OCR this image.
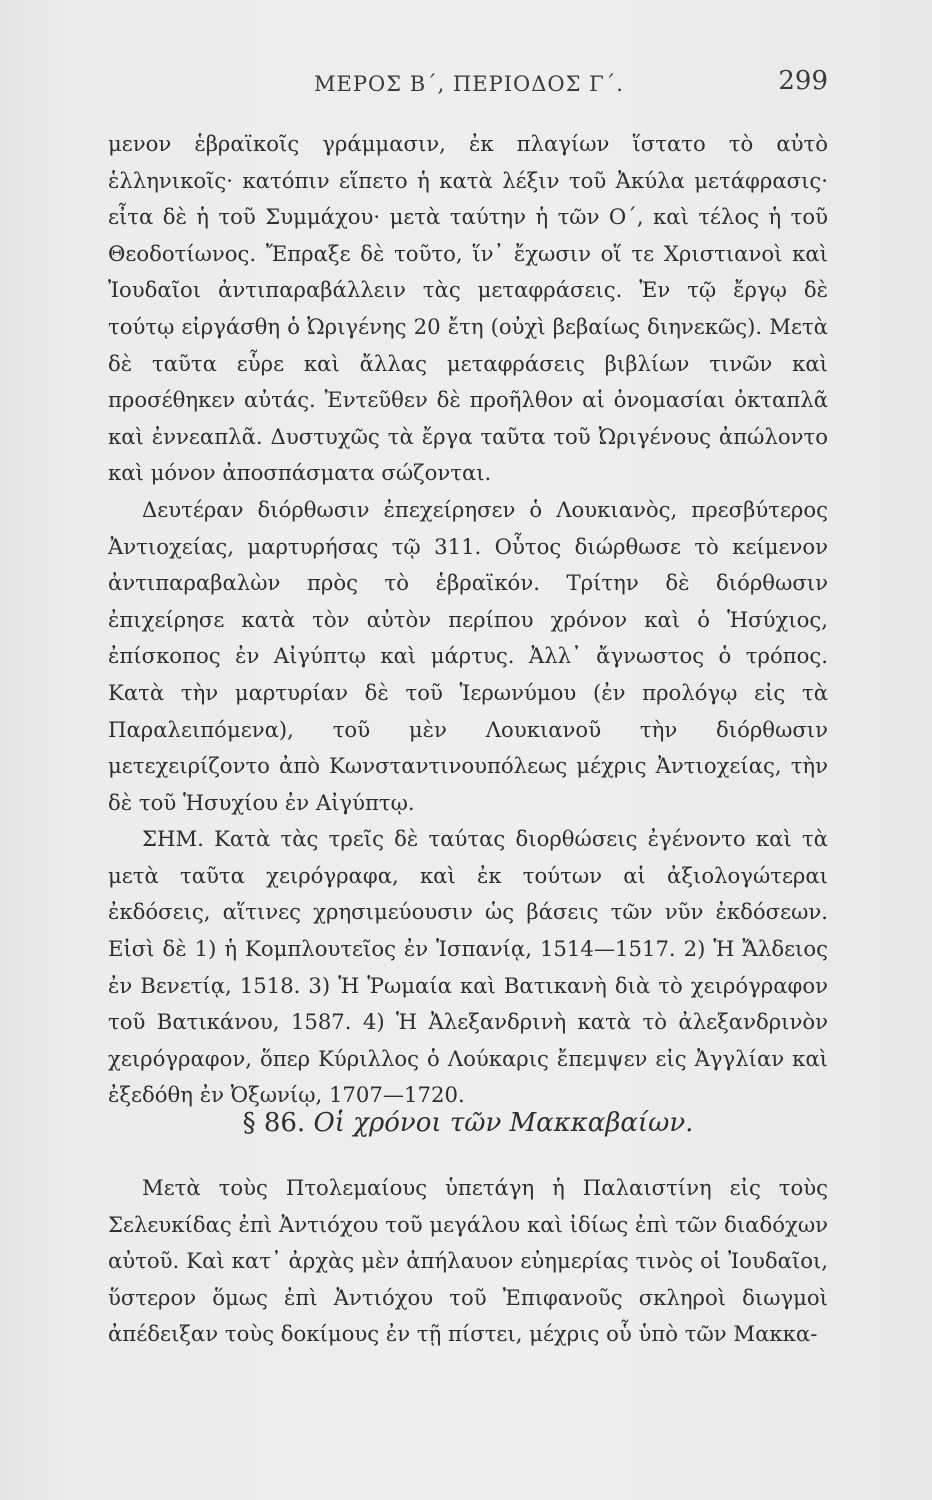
ΜΕΡΟΣ Β΄, ΠΕΡΙΟΔΟΣ Γ΄.	299

μενον ἑβραϊκοῖς γράμμασιν, ἐκ πλαγίων ἵστατο τὸ αὐτὸ ἑλληνικοῖς· κατόπιν εἵπετο ἡ κατὰ λέξιν τοῦ Ἀκύλα μετάφρασις· εἶτα δὲ ἡ τοῦ Συμμάχου· μετὰ ταύτην ἡ τῶν Ο΄, καὶ τέλος ἡ τοῦ Θεοδοτίωνος. Ἔπραξε δὲ τοῦτο, ἵν᾽ ἔχωσιν οἵ τε Χριστιανοὶ καὶ Ἰουδαῖοι ἀντιπαραβάλλειν τὰς μεταφράσεις. Ἐν τῷ ἔργῳ δὲ τούτῳ εἰργάσθη ὁ Ὠριγένης 20 ἔτη (οὐχὶ βεβαίως διηνεκῶς). Μετὰ δὲ ταῦτα εὗρε καὶ ἄλλας μεταφράσεις βιβλίων τινῶν καὶ προσέθηκεν αὐτάς. Ἐντεῦθεν δὲ προῆλθον αἱ ὀνομασίαι ὀκταπλᾶ καὶ ἐννεαπλᾶ. Δυστυχῶς τὰ ἔργα ταῦτα τοῦ Ὠριγένους ἀπώλοντο καὶ μόνον ἀποσπάσματα σώζονται.

Δευτέραν διόρθωσιν ἐπεχείρησεν ὁ Λουκιανὸς, πρεσβύτερος Ἀντιοχείας, μαρτυρήσας τῷ 311. Οὗτος διώρθωσε τὸ κείμενον ἀντιπαραβαλὼν πρὸς τὸ ἑβραϊκόν. Τρίτην δὲ διόρθωσιν ἐπιχείρησε κατὰ τὸν αὐτὸν περίπου χρόνον καὶ ὁ Ἡσύχιος, ἐπίσκοπος ἐν Αἰγύπτῳ καὶ μάρτυς. Ἀλλ᾽ ἄγνωστος ὁ τρόπος. Κατὰ τὴν μαρτυρίαν δὲ τοῦ Ἱερωνύμου (ἐν προλόγῳ εἰς τὰ Παραλειπόμενα), τοῦ μὲν Λουκιανοῦ τὴν διόρθωσιν μετεχειρίζοντο ἀπὸ Κωνσταντινουπόλεως μέχρις Ἀντιοχείας, τὴν δὲ τοῦ Ἡσυχίου ἐν Αἰγύπτῳ.

ΣΗΜ. Κατὰ τὰς τρεῖς δὲ ταύτας διορθώσεις ἐγένοντο καὶ τὰ μετὰ ταῦτα χειρόγραφα, καὶ ἐκ τούτων αἱ ἀξιολογώτεραι ἐκδόσεις, αἵτινες χρησιμεύουσιν ὡς βάσεις τῶν νῦν ἐκδόσεων. Εἰσὶ δὲ 1) ἡ Κομπλουτεῖος ἐν Ἱσπανίᾳ, 1514—1517. 2) Ἡ Ἄλδειος ἐν Βενετίᾳ, 1518. 3) Ἡ Ῥωμαία καὶ Βατικανὴ διὰ τὸ χειρόγραφον τοῦ Βατικάνου, 1587. 4) Ἡ Ἀλεξανδρινὴ κατὰ τὸ ἀλεξανδρινὸν χειρόγραφον, ὅπερ Κύριλλος ὁ Λούκαρις ἔπεμψεν εἰς Ἀγγλίαν καὶ ἐξεδόθη ἐν Ὀξωνίῳ, 1707—1720.

§ 86. Οἱ χρόνοι τῶν Μακκαβαίων.

Μετὰ τοὺς Πτολεμαίους ὑπετάγη ἡ Παλαιστίνη εἰς τοὺς Σελευκίδας ἐπὶ Ἀντιόχου τοῦ μεγάλου καὶ ἰδίως ἐπὶ τῶν διαδόχων αὐτοῦ. Καὶ κατ᾽ ἀρχὰς μὲν ἀπήλαυον εὐημερίας τινὸς οἱ Ἰουδαῖοι, ὕστερον ὅμως ἐπὶ Ἀντιόχου τοῦ Ἐπιφανοῦς σκληροὶ διωγμοὶ ἀπέδειξαν τοὺς δοκίμους ἐν τῇ πίστει, μέχρις οὗ ὑπὸ τῶν Μακκα-
